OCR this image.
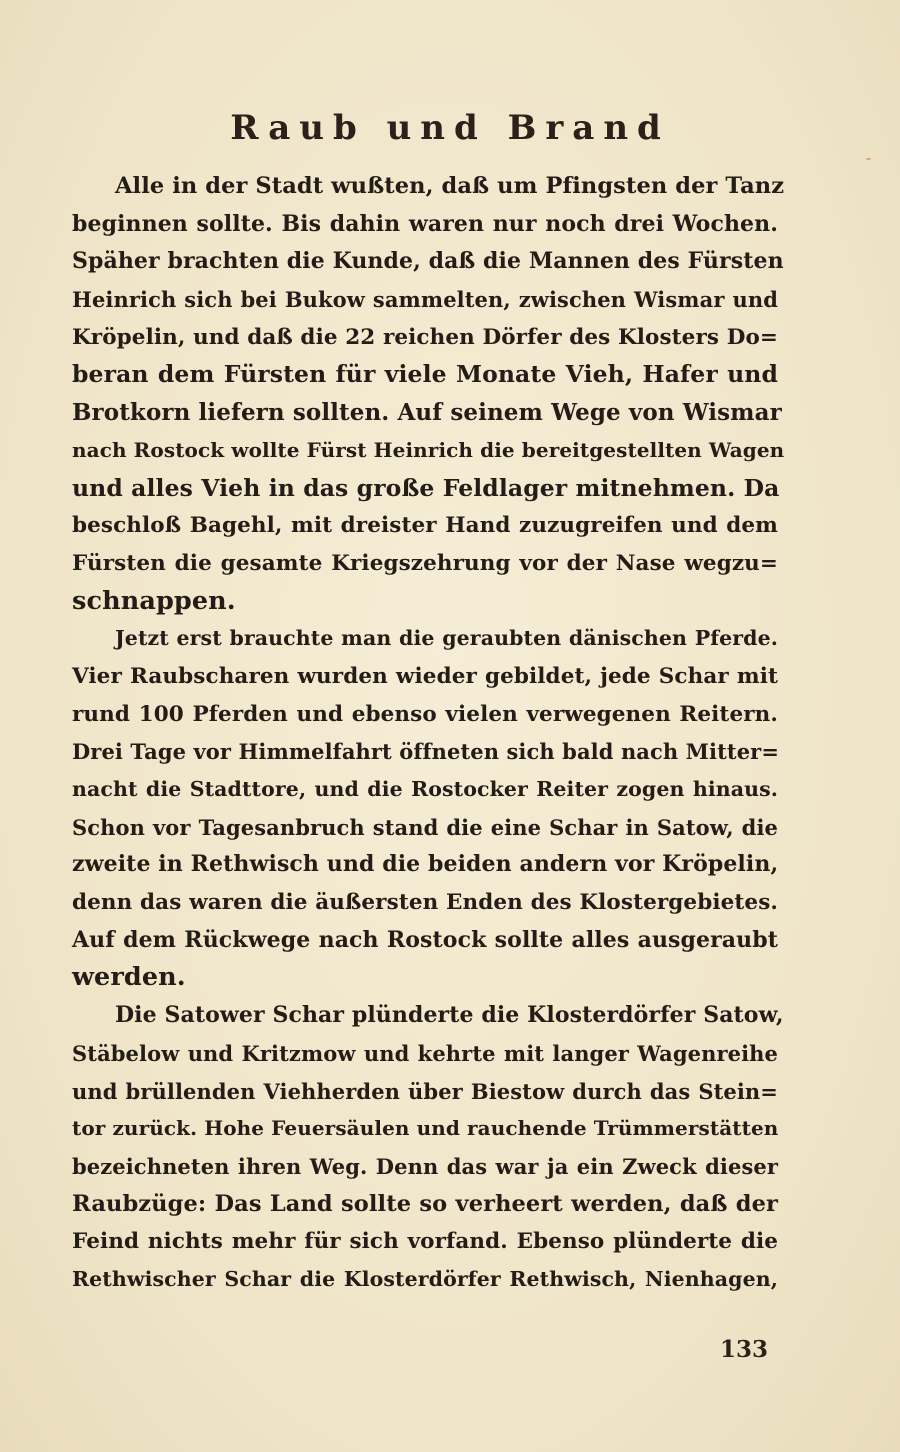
Raub und Brand
Alle in der Stadt wußten, daß um Pfingsten der Tanz
beginnen sollte. Bis dahin waren nur noch drei Wochen.
Späher brachten die Kunde, daß die Mannen des Fürsten
Heinrich sich bei Bukow sammelten, zwischen Wismar und
Kröpelin, und daß die 22 reichen Dörfer des Klosters Do=
beran dem Fürsten für viele Monate Vieh, Hafer und
Brotkorn liefern sollten. Auf seinem Wege von Wismar
nach Rostock wollte Fürst Heinrich die bereitgestellten Wagen
und alles Vieh in das große Feldlager mitnehmen. Da
beschloß Bagehl, mit dreister Hand zuzugreifen und dem
Fürsten die gesamte Kriegszehrung vor der Nase wegzu=
schnappen.
Jetzt erst brauchte man die geraubten dänischen Pferde.
Vier Raubscharen wurden wieder gebildet, jede Schar mit
rund 100 Pferden und ebenso vielen verwegenen Reitern.
Drei Tage vor Himmelfahrt öffneten sich bald nach Mitter=
nacht die Stadttore, und die Rostocker Reiter zogen hinaus.
Schon vor Tagesanbruch stand die eine Schar in Satow, die
zweite in Rethwisch und die beiden andern vor Kröpelin,
denn das waren die äußersten Enden des Klostergebietes.
Auf dem Rückwege nach Rostock sollte alles ausgeraubt
werden.
Die Satower Schar plünderte die Klosterdörfer Satow,
Stäbelow und Kritzmow und kehrte mit langer Wagenreihe
und brüllenden Viehherden über Biestow durch das Stein=
tor zurück. Hohe Feuersäulen und rauchende Trümmerstätten
bezeichneten ihren Weg. Denn das war ja ein Zweck dieser
Raubzüge: Das Land sollte so verheert werden, daß der
Feind nichts mehr für sich vorfand. Ebenso plünderte die
Rethwischer Schar die Klosterdörfer Rethwisch, Nienhagen,
133
